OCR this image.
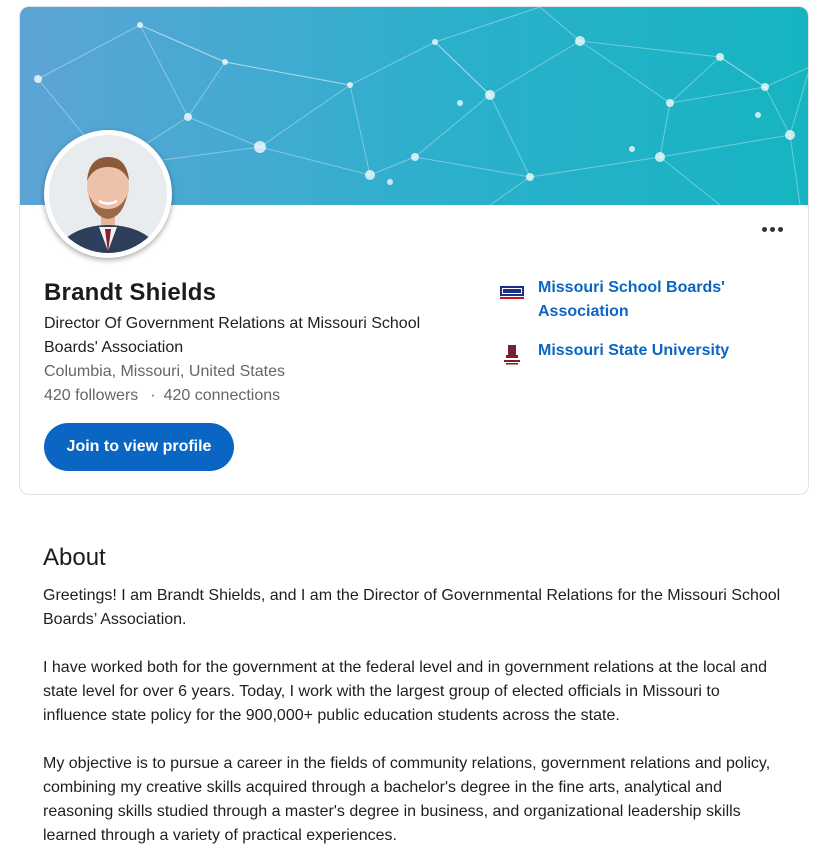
Brandt Shields
Director Of Government Relations at Missouri School Boards' Association
Columbia, Missouri, United States
420 followers · 420 connections
Join to view profile
Missouri School Boards' Association
Missouri State University
About

Greetings! I am Brandt Shields, and I am the Director of Governmental Relations for the Missouri School Boards’ Association.

I have worked both for the government at the federal level and in government relations at the local and state level for over 6 years. Today, I work with the largest group of elected officials in Missouri to influence state policy for the 900,000+ public education students across the state.

My objective is to pursue a career in the fields of community relations, government relations and policy, combining my creative skills acquired through a bachelor's degree in the fine arts, analytical and reasoning skills studied through a master's degree in business, and organizational leadership skills learned through a variety of practical experiences.
